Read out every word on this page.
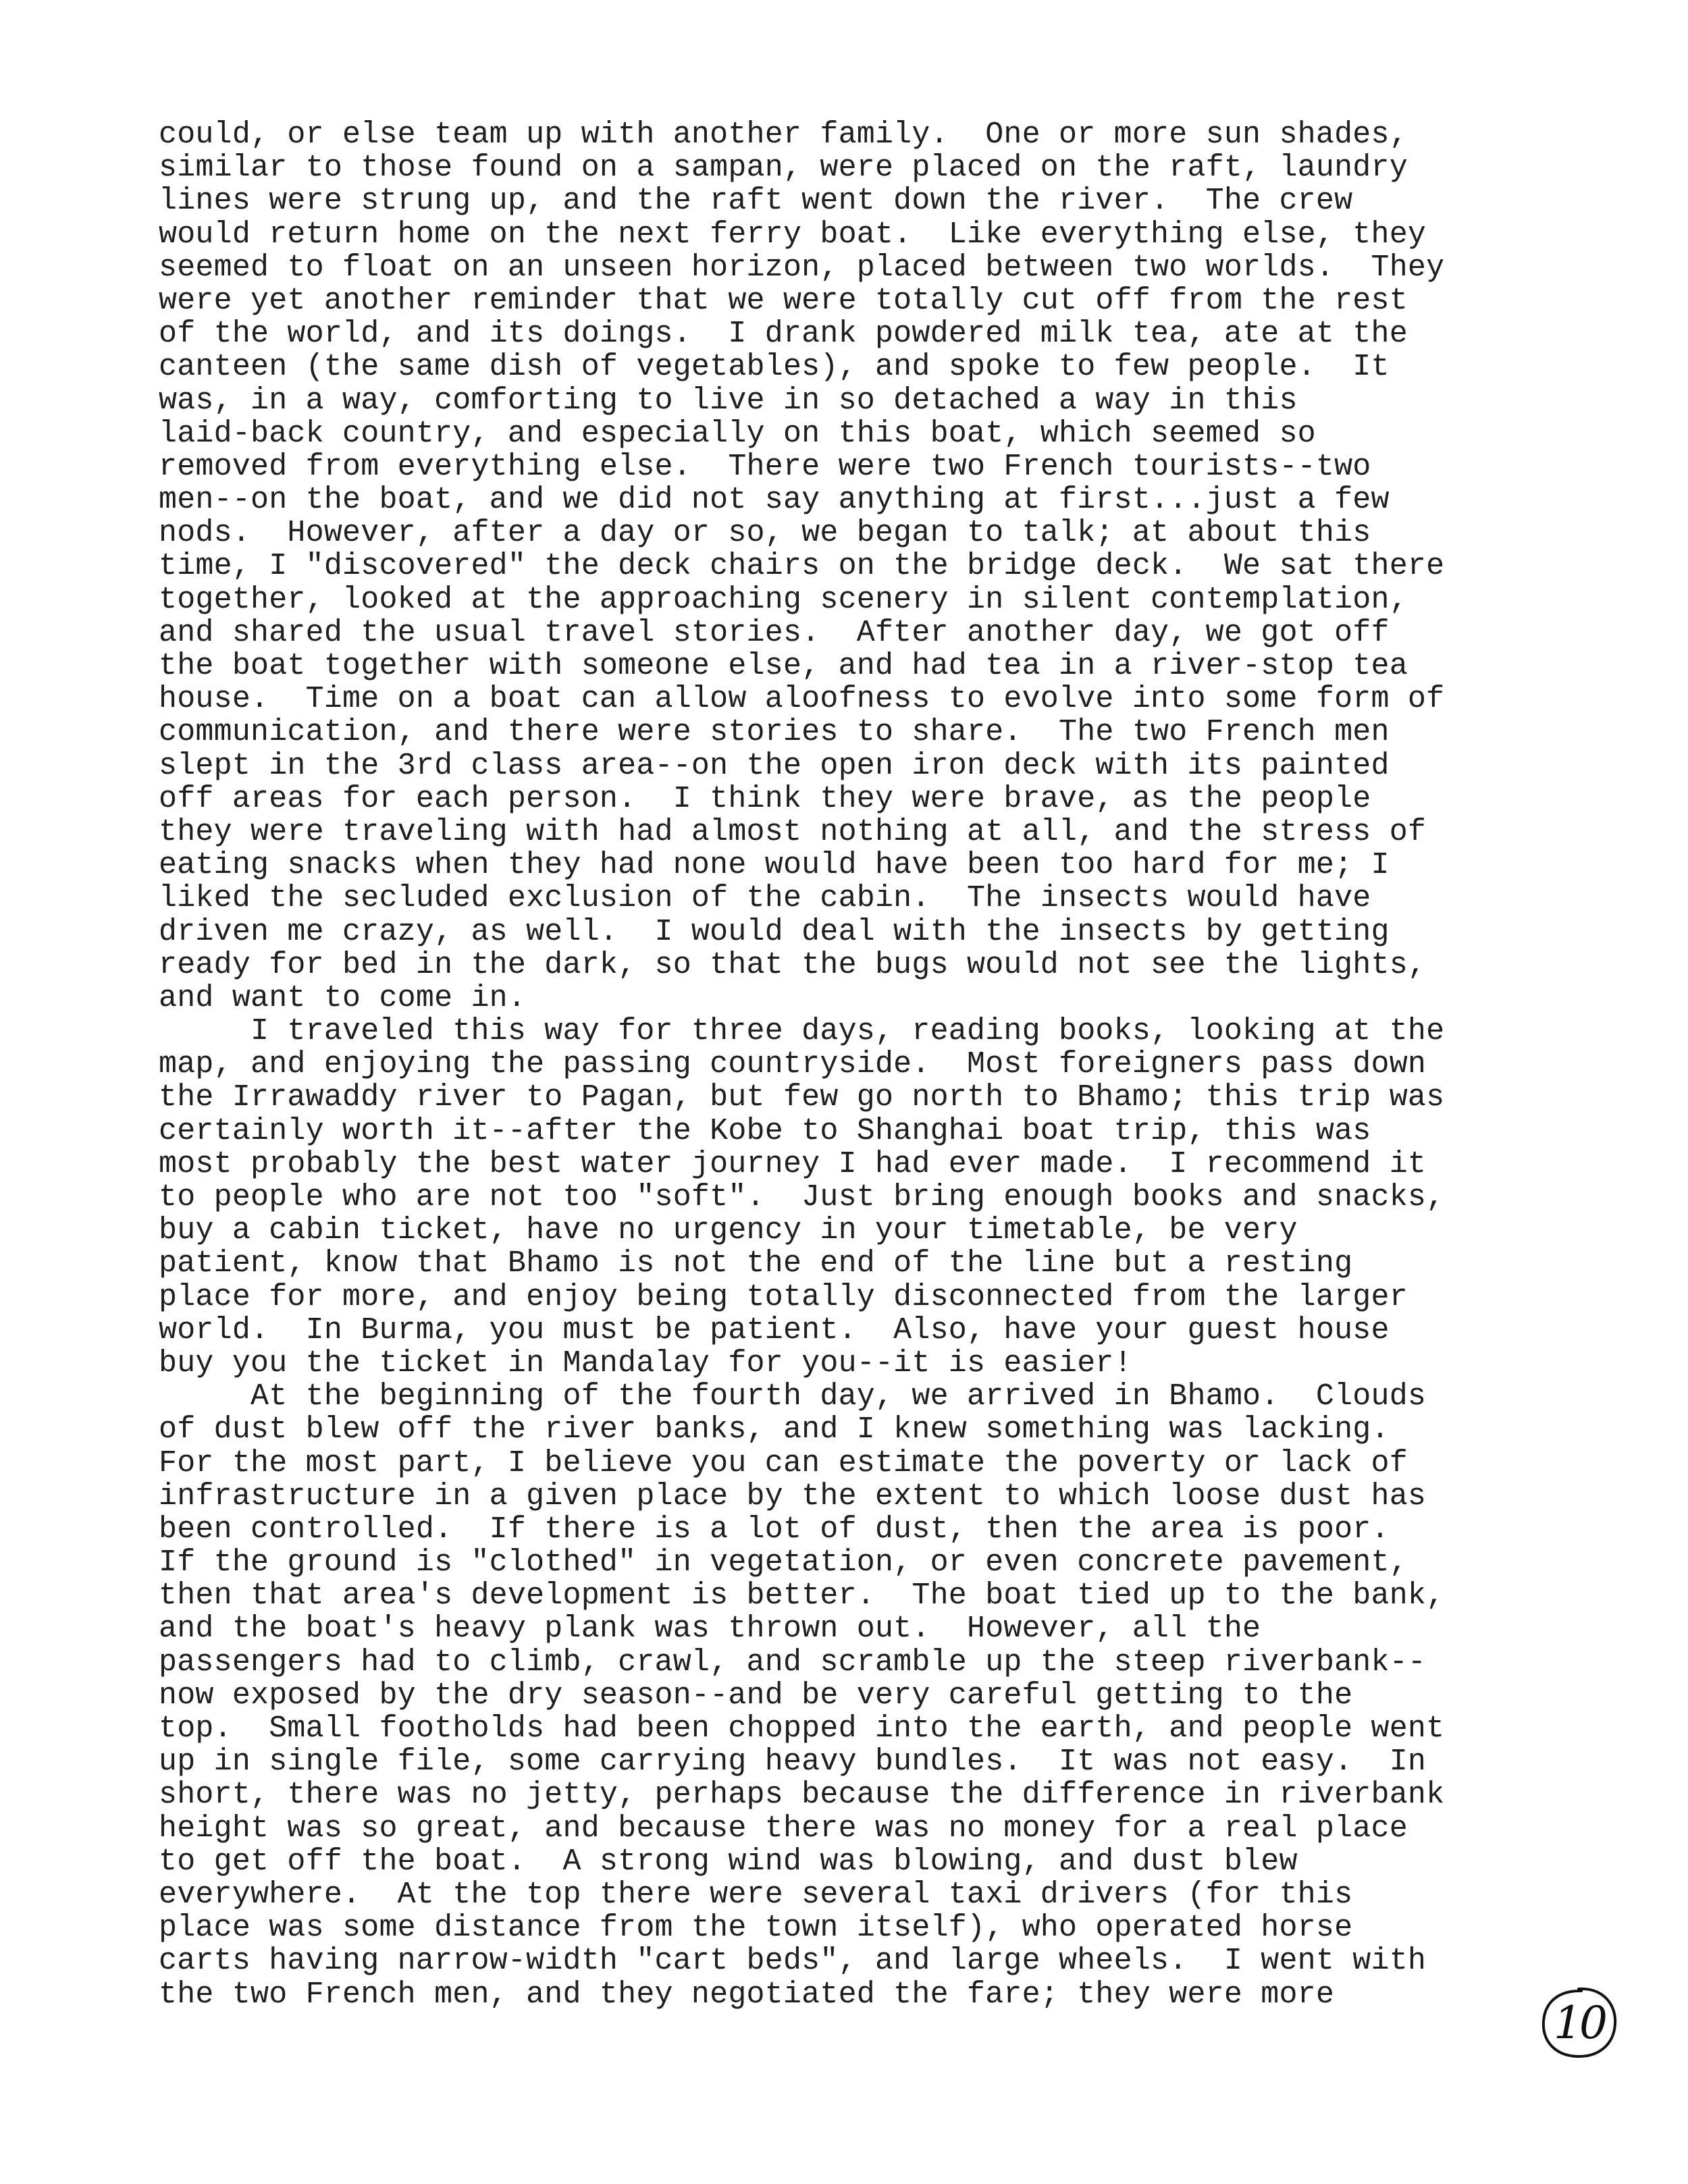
could, or else team up with another family.  One or more sun shades,
similar to those found on a sampan, were placed on the raft, laundry
lines were strung up, and the raft went down the river.  The crew
would return home on the next ferry boat.  Like everything else, they
seemed to float on an unseen horizon, placed between two worlds.  They
were yet another reminder that we were totally cut off from the rest
of the world, and its doings.  I drank powdered milk tea, ate at the
canteen (the same dish of vegetables), and spoke to few people.  It
was, in a way, comforting to live in so detached a way in this
laid-back country, and especially on this boat, which seemed so
removed from everything else.  There were two French tourists--two
men--on the boat, and we did not say anything at first...just a few
nods.  However, after a day or so, we began to talk; at about this
time, I "discovered" the deck chairs on the bridge deck.  We sat there
together, looked at the approaching scenery in silent contemplation,
and shared the usual travel stories.  After another day, we got off
the boat together with someone else, and had tea in a river-stop tea
house.  Time on a boat can allow aloofness to evolve into some form of
communication, and there were stories to share.  The two French men
slept in the 3rd class area--on the open iron deck with its painted
off areas for each person.  I think they were brave, as the people
they were traveling with had almost nothing at all, and the stress of
eating snacks when they had none would have been too hard for me; I
liked the secluded exclusion of the cabin.  The insects would have
driven me crazy, as well.  I would deal with the insects by getting
ready for bed in the dark, so that the bugs would not see the lights,
and want to come in.
I traveled this way for three days, reading books, looking at the
map, and enjoying the passing countryside.  Most foreigners pass down
the Irrawaddy river to Pagan, but few go north to Bhamo; this trip was
certainly worth it--after the Kobe to Shanghai boat trip, this was
most probably the best water journey I had ever made.  I recommend it
to people who are not too "soft".  Just bring enough books and snacks,
buy a cabin ticket, have no urgency in your timetable, be very
patient, know that Bhamo is not the end of the line but a resting
place for more, and enjoy being totally disconnected from the larger
world.  In Burma, you must be patient.  Also, have your guest house
buy you the ticket in Mandalay for you--it is easier!
At the beginning of the fourth day, we arrived in Bhamo.  Clouds
of dust blew off the river banks, and I knew something was lacking.
For the most part, I believe you can estimate the poverty or lack of
infrastructure in a given place by the extent to which loose dust has
been controlled.  If there is a lot of dust, then the area is poor.
If the ground is "clothed" in vegetation, or even concrete pavement,
then that area's development is better.  The boat tied up to the bank,
and the boat's heavy plank was thrown out.  However, all the
passengers had to climb, crawl, and scramble up the steep riverbank--
now exposed by the dry season--and be very careful getting to the
top.  Small footholds had been chopped into the earth, and people went
up in single file, some carrying heavy bundles.  It was not easy.  In
short, there was no jetty, perhaps because the difference in riverbank
height was so great, and because there was no money for a real place
to get off the boat.  A strong wind was blowing, and dust blew
everywhere.  At the top there were several taxi drivers (for this
place was some distance from the town itself), who operated horse
carts having narrow-width "cart beds", and large wheels.  I went with
the two French men, and they negotiated the fare; they were more
10
